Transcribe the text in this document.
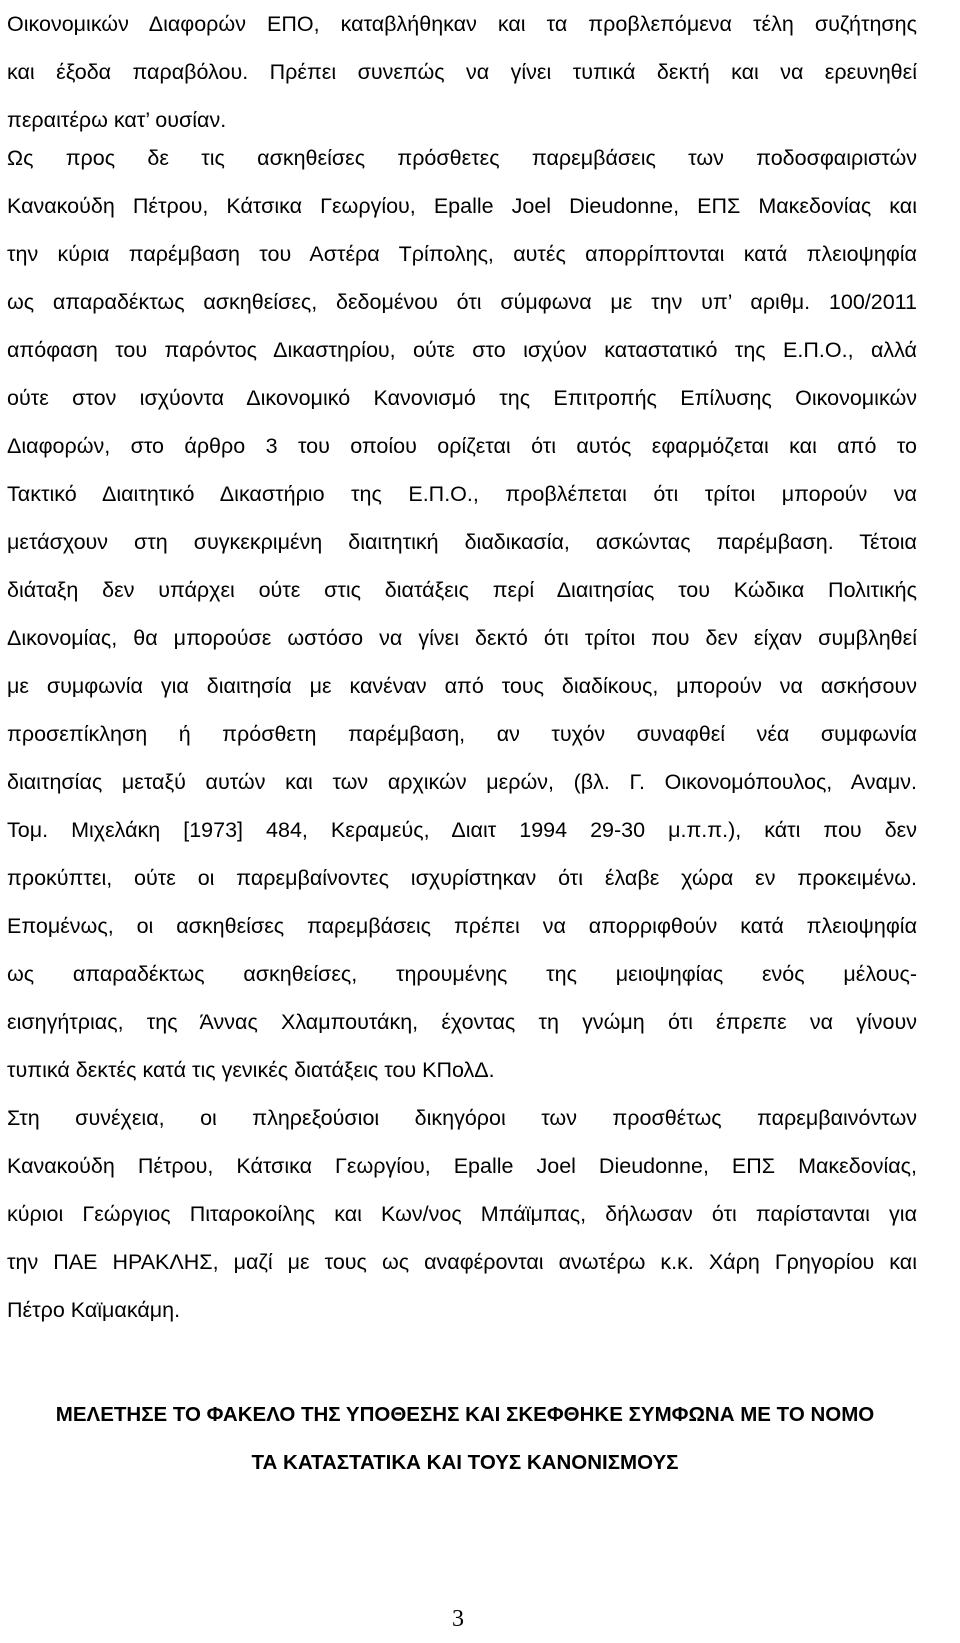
Οικονομικών Διαφορών ΕΠΟ, καταβλήθηκαν και τα προβλεπόμενα τέλη συζήτησης
και έξοδα παραβόλου. Πρέπει συνεπώς να γίνει τυπικά δεκτή και να ερευνηθεί
περαιτέρω κατ’ ουσίαν.
Ως προς δε τις ασκηθείσες πρόσθετες παρεμβάσεις των ποδοσφαιριστών
Κανακούδη Πέτρου, Κάτσικα Γεωργίου, Epalle Joel Dieudonne, ΕΠΣ Μακεδονίας και
την κύρια παρέμβαση του Αστέρα Τρίπολης, αυτές απορρίπτονται κατά πλειοψηφία
ως απαραδέκτως ασκηθείσες, δεδομένου ότι σύμφωνα με την υπ’ αριθμ. 100/2011
απόφαση του παρόντος Δικαστηρίου, ούτε στο ισχύον καταστατικό της Ε.Π.Ο., αλλά
ούτε στον ισχύοντα Δικονομικό Κανονισμό της Επιτροπής Επίλυσης Οικονομικών
Διαφορών, στο άρθρο 3 του οποίου ορίζεται ότι αυτός εφαρμόζεται και από το
Τακτικό Διαιτητικό Δικαστήριο της Ε.Π.Ο., προβλέπεται ότι τρίτοι μπορούν να
μετάσχουν στη συγκεκριμένη διαιτητική διαδικασία, ασκώντας παρέμβαση. Τέτοια
διάταξη δεν υπάρχει ούτε στις διατάξεις περί Διαιτησίας του Κώδικα Πολιτικής
Δικονομίας, θα μπορούσε ωστόσο να γίνει δεκτό ότι τρίτοι που δεν είχαν συμβληθεί
με συμφωνία για διαιτησία με κανέναν από τους διαδίκους, μπορούν να ασκήσουν
προσεπίκληση ή πρόσθετη παρέμβαση, αν τυχόν συναφθεί νέα συμφωνία
διαιτησίας μεταξύ αυτών και των αρχικών μερών, (βλ. Γ. Οικονομόπουλος, Αναμν.
Τομ. Μιχελάκη [1973] 484, Κεραμεύς, Διαιτ 1994 29-30 μ.π.π.), κάτι που δεν
προκύπτει, ούτε οι παρεμβαίνοντες ισχυρίστηκαν ότι έλαβε χώρα εν προκειμένω.
Επομένως, οι ασκηθείσες παρεμβάσεις πρέπει να απορριφθούν κατά πλειοψηφία
ως απαραδέκτως ασκηθείσες, τηρουμένης της μειοψηφίας ενός μέλους-
εισηγήτριας, της Άννας Χλαμπουτάκη, έχοντας τη γνώμη ότι έπρεπε να γίνουν
τυπικά δεκτές κατά τις γενικές διατάξεις του ΚΠολΔ.
Στη συνέχεια, οι πληρεξούσιοι δικηγόροι των προσθέτως παρεμβαινόντων
Κανακούδη Πέτρου, Κάτσικα Γεωργίου, Epalle Joel Dieudonne, ΕΠΣ Μακεδονίας,
κύριοι Γεώργιος Πιταροκοίλης και Κων/νος Μπάϊμπας, δήλωσαν ότι παρίστανται για
την ΠΑΕ ΗΡΑΚΛΗΣ, μαζί με τους ως αναφέρονται ανωτέρω κ.κ. Χάρη Γρηγορίου και
Πέτρο Καϊμακάμη.
ΜΕΛΕΤΗΣΕ ΤΟ ΦΑΚΕΛΟ ΤΗΣ ΥΠΟΘΕΣΗΣ ΚΑΙ ΣΚΕΦΘΗΚΕ ΣΥΜΦΩΝΑ ΜΕ ΤΟ ΝΟΜΟ
ΤΑ ΚΑΤΑΣΤΑΤΙΚΑ ΚΑΙ ΤΟΥΣ ΚΑΝΟΝΙΣΜΟΥΣ
3
